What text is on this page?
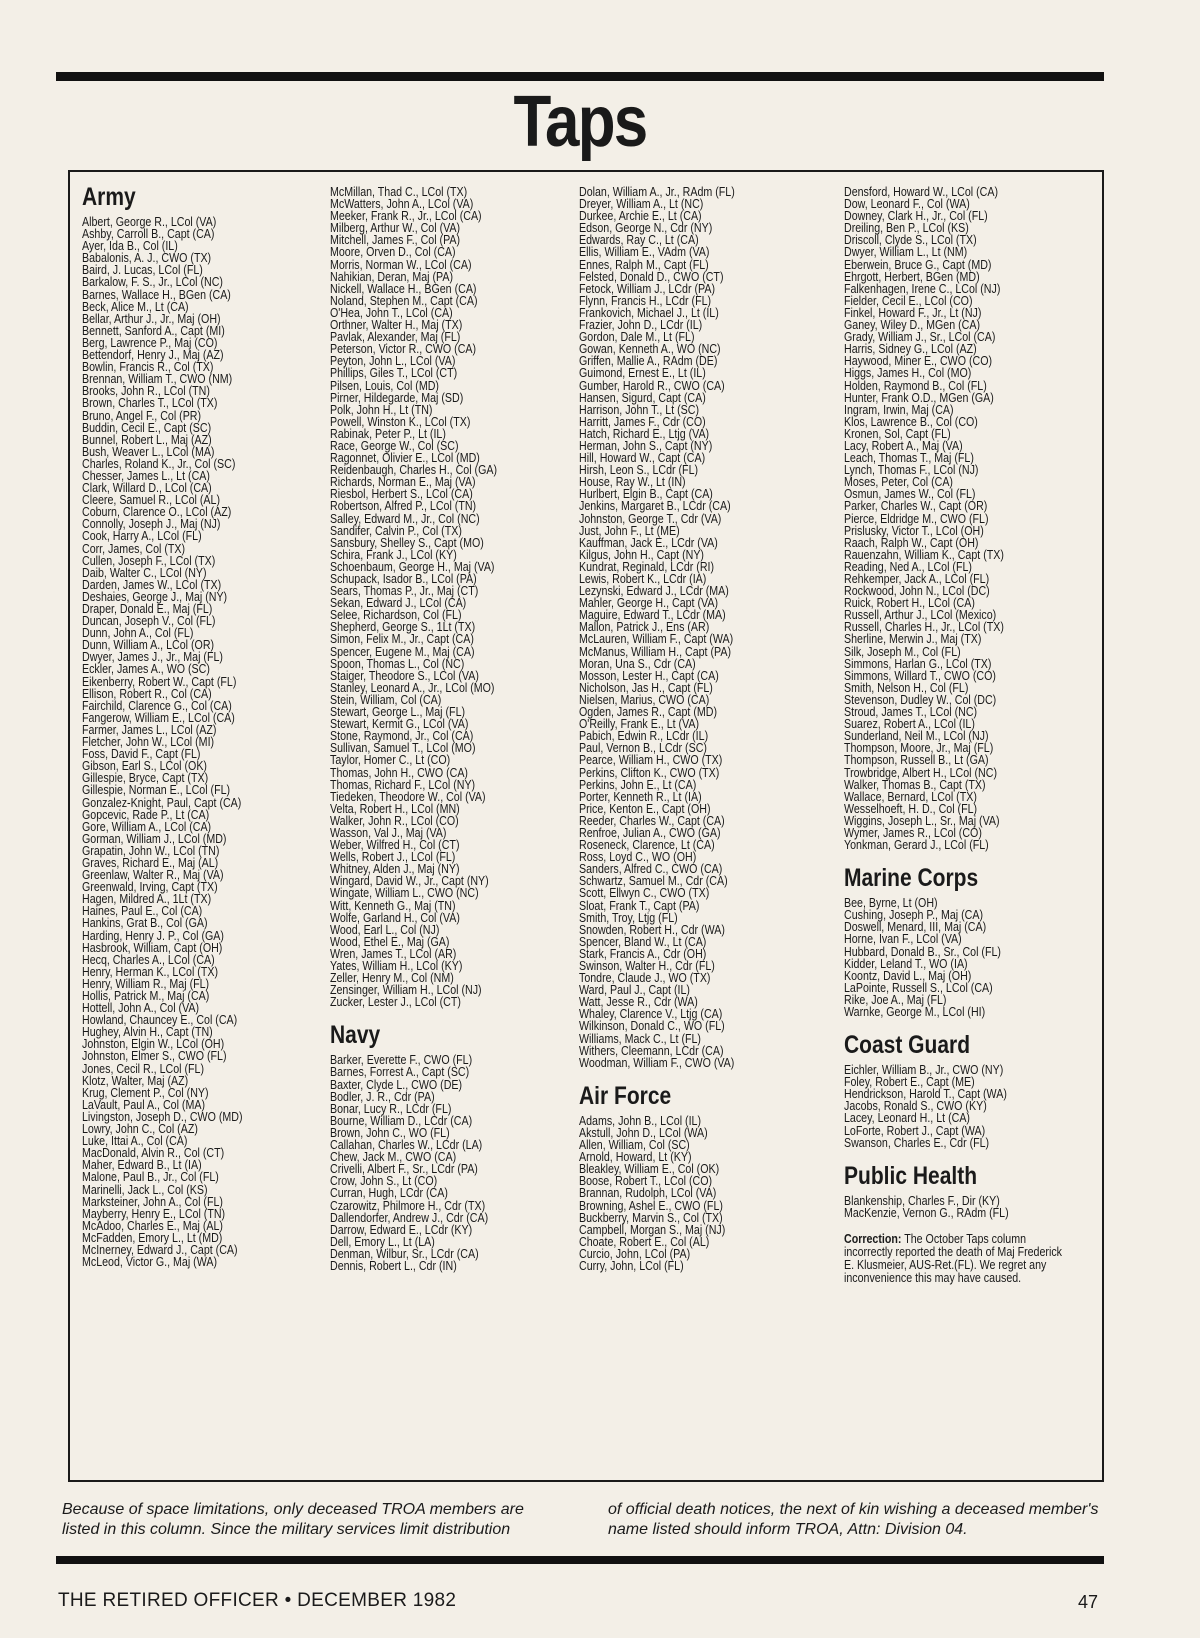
Taps
Army
Albert, George R., LCol (VA)
Ashby, Carroll B., Capt (CA)
Ayer, Ida B., Col (IL)
Babalonis, A. J., CWO (TX)
Baird, J. Lucas, LCol (FL)
Barkalow, F. S., Jr., LCol (NC)
Barnes, Wallace H., BGen (CA)
Beck, Alice M., Lt (CA)
Bellar, Arthur J., Jr., Maj (OH)
Bennett, Sanford A., Capt (MI)
Berg, Lawrence P., Maj (CO)
Bettendorf, Henry J., Maj (AZ)
Bowlin, Francis R., Col (TX)
Brennan, William T., CWO (NM)
Brooks, John R., LCol (TN)
Brown, Charles T., LCol (TX)
Bruno, Angel F., Col (PR)
Buddin, Cecil E., Capt (SC)
Bunnel, Robert L., Maj (AZ)
Bush, Weaver L., LCol (MA)
Charles, Roland K., Jr., Col (SC)
Chesser, James L., Lt (CA)
Clark, Willard D., LCol (CA)
Cleere, Samuel R., LCol (AL)
Coburn, Clarence O., LCol (AZ)
Connolly, Joseph J., Maj (NJ)
Cook, Harry A., LCol (FL)
Corr, James, Col (TX)
Cullen, Joseph F., LCol (TX)
Daib, Walter C., LCol (NY)
Darden, James W., LCol (TX)
Deshaies, George J., Maj (NY)
Draper, Donald E., Maj (FL)
Duncan, Joseph V., Col (FL)
Dunn, John A., Col (FL)
Dunn, William A., LCol (OR)
Dwyer, James J., Jr., Maj (FL)
Eckler, James A., WO (SC)
Eikenberry, Robert W., Capt (FL)
Ellison, Robert R., Col (CA)
Fairchild, Clarence G., Col (CA)
Fangerow, William E., LCol (CA)
Farmer, James L., LCol (AZ)
Fletcher, John W., LCol (MI)
Foss, David F., Capt (FL)
Gibson, Earl S., LCol (OK)
Gillespie, Bryce, Capt (TX)
Gillespie, Norman E., LCol (FL)
Gonzalez-Knight, Paul, Capt (CA)
Gopcevic, Rade P., Lt (CA)
Gore, William A., LCol (CA)
Gorman, William J., LCol (MD)
Grapatin, John W., LCol (TN)
Graves, Richard E., Maj (AL)
Greenlaw, Walter R., Maj (VA)
Greenwald, Irving, Capt (TX)
Hagen, Mildred A., 1Lt (TX)
Haines, Paul E., Col (CA)
Hankins, Grat B., Col (GA)
Harding, Henry J. P., Col (GA)
Hasbrook, William, Capt (OH)
Hecq, Charles A., LCol (CA)
Henry, Herman K., LCol (TX)
Henry, William R., Maj (FL)
Hollis, Patrick M., Maj (CA)
Hottell, John A., Col (VA)
Howland, Chauncey E., Col (CA)
Hughey, Alvin H., Capt (TN)
Johnston, Elgin W., LCol (OH)
Johnston, Elmer S., CWO (FL)
Jones, Cecil R., LCol (FL)
Klotz, Walter, Maj (AZ)
Krug, Clement P., Col (NY)
LaVault, Paul A., Col (MA)
Livingston, Joseph D., CWO (MD)
Lowry, John C., Col (AZ)
Luke, Ittai A., Col (CA)
MacDonald, Alvin R., Col (CT)
Maher, Edward B., Lt (IA)
Malone, Paul B., Jr., Col (FL)
Marinelli, Jack L., Col (KS)
Marksteiner, John A., Col (FL)
Mayberry, Henry E., LCol (TN)
McAdoo, Charles E., Maj (AL)
McFadden, Emory L., Lt (MD)
McInerney, Edward J., Capt (CA)
McLeod, Victor G., Maj (WA)
McMillan, Thad C., LCol (TX)
McWatters, John A., LCol (VA)
Meeker, Frank R., Jr., LCol (CA)
Milberg, Arthur W., Col (VA)
Mitchell, James F., Col (PA)
Moore, Orven D., Col (CA)
Morris, Norman W., LCol (CA)
Nahikian, Deran, Maj (PA)
Nickell, Wallace H., BGen (CA)
Noland, Stephen M., Capt (CA)
O'Hea, John T., LCol (CA)
Orthner, Walter H., Maj (TX)
Pavlak, Alexander, Maj (FL)
Peterson, Victor R., CWO (CA)
Peyton, John L., LCol (VA)
Phillips, Giles T., LCol (CT)
Pilsen, Louis, Col (MD)
Pirner, Hildegarde, Maj (SD)
Polk, John H., Lt (TN)
Powell, Winston K., LCol (TX)
Rabinak, Peter P., Lt (IL)
Race, George W., Col (SC)
Ragonnet, Olivier E., LCol (MD)
Reidenbaugh, Charles H., Col (GA)
Richards, Norman E., Maj (VA)
Riesbol, Herbert S., LCol (CA)
Robertson, Alfred P., LCol (TN)
Salley, Edward M., Jr., Col (NC)
Sandifer, Calvin P., Col (TX)
Sansbury, Shelley S., Capt (MO)
Schira, Frank J., LCol (KY)
Schoenbaum, George H., Maj (VA)
Schupack, Isador B., LCol (PA)
Sears, Thomas P., Jr., Maj (CT)
Sekan, Edward J., LCol (CA)
Selee, Richardson, Col (FL)
Shepherd, George S., 1Lt (TX)
Simon, Felix M., Jr., Capt (CA)
Spencer, Eugene M., Maj (CA)
Spoon, Thomas L., Col (NC)
Staiger, Theodore S., LCol (VA)
Stanley, Leonard A., Jr., LCol (MO)
Stein, William, Col (CA)
Stewart, George L., Maj (FL)
Stewart, Kermit G., LCol (VA)
Stone, Raymond, Jr., Col (CA)
Sullivan, Samuel T., LCol (MO)
Taylor, Homer C., Lt (CO)
Thomas, John H., CWO (CA)
Thomas, Richard F., LCol (NY)
Tiedeken, Theodore W., Col (VA)
Velta, Robert H., LCol (MN)
Walker, John R., LCol (CO)
Wasson, Val J., Maj (VA)
Weber, Wilfred H., Col (CT)
Wells, Robert J., LCol (FL)
Whitney, Alden J., Maj (NY)
Wingard, David W., Jr., Capt (NY)
Wingate, William L., CWO (NC)
Witt, Kenneth G., Maj (TN)
Wolfe, Garland H., Col (VA)
Wood, Earl L., Col (NJ)
Wood, Ethel E., Maj (GA)
Wren, James T., LCol (AR)
Yates, William H., LCol (KY)
Zeller, Henry M., Col (NM)
Zensinger, William H., LCol (NJ)
Zucker, Lester J., LCol (CT)
Navy
Barker, Everette F., CWO (FL)
Barnes, Forrest A., Capt (SC)
Baxter, Clyde L., CWO (DE)
Bodler, J. R., Cdr (PA)
Bonar, Lucy R., LCdr (FL)
Bourne, William D., LCdr (CA)
Brown, John C., WO (FL)
Callahan, Charles W., LCdr (LA)
Chew, Jack M., CWO (CA)
Crivelli, Albert F., Sr., LCdr (PA)
Crow, John S., Lt (CO)
Curran, Hugh, LCdr (CA)
Czarowitz, Philmore H., Cdr (TX)
Dallendorfer, Andrew J., Cdr (CA)
Darrow, Edward E., LCdr (KY)
Dell, Emory L., Lt (LA)
Denman, Wilbur, Sr., LCdr (CA)
Dennis, Robert L., Cdr (IN)
Dolan, William A., Jr., RAdm (FL)
Dreyer, William A., Lt (NC)
Durkee, Archie E., Lt (CA)
Edson, George N., Cdr (NY)
Edwards, Ray C., Lt (CA)
Ellis, William E., VAdm (VA)
Ennes, Ralph M., Capt (FL)
Felsted, Donald D., CWO (CT)
Fetock, William J., LCdr (PA)
Flynn, Francis H., LCdr (FL)
Frankovich, Michael J., Lt (IL)
Frazier, John D., LCdr (IL)
Gordon, Dale M., Lt (FL)
Gowan, Kenneth A., WO (NC)
Griffen, Mallie A., RAdm (DE)
Guimond, Ernest E., Lt (IL)
Gumber, Harold R., CWO (CA)
Hansen, Sigurd, Capt (CA)
Harrison, John T., Lt (SC)
Harritt, James F., Cdr (CO)
Hatch, Richard E., Ltjg (VA)
Herman, John S., Capt (NY)
Hill, Howard W., Capt (CA)
Hirsh, Leon S., LCdr (FL)
House, Ray W., Lt (IN)
Hurlbert, Elgin B., Capt (CA)
Jenkins, Margaret B., LCdr (CA)
Johnston, George T., Cdr (VA)
Just, John F., Lt (ME)
Kauffman, Jack E., LCdr (VA)
Kilgus, John H., Capt (NY)
Kundrat, Reginald, LCdr (RI)
Lewis, Robert K., LCdr (IA)
Lezynski, Edward J., LCdr (MA)
Mahler, George H., Capt (VA)
Maguire, Edward T., LCdr (MA)
Mallon, Patrick J., Ens (AR)
McLauren, William F., Capt (WA)
McManus, William H., Capt (PA)
Moran, Una S., Cdr (CA)
Mosson, Lester H., Capt (CA)
Nicholson, Jas H., Capt (FL)
Nielsen, Marius, CWO (CA)
Ogden, James R., Capt (MD)
O'Reilly, Frank E., Lt (VA)
Pabich, Edwin R., LCdr (IL)
Paul, Vernon B., LCdr (SC)
Pearce, William H., CWO (TX)
Perkins, Clifton K., CWO (TX)
Perkins, John E., Lt (CA)
Porter, Kenneth R., Lt (IA)
Price, Kenton E., Capt (OH)
Reeder, Charles W., Capt (CA)
Renfroe, Julian A., CWO (GA)
Roseneck, Clarence, Lt (CA)
Ross, Loyd C., WO (OH)
Sanders, Alfred C., CWO (CA)
Schwartz, Samuel M., Cdr (CA)
Scott, Ellwyn C., CWO (TX)
Sloat, Frank T., Capt (PA)
Smith, Troy, Ltjg (FL)
Snowden, Robert H., Cdr (WA)
Spencer, Bland W., Lt (CA)
Stark, Francis A., Cdr (OH)
Swinson, Walter H., Cdr (FL)
Tondre, Claude J., WO (TX)
Ward, Paul J., Capt (IL)
Watt, Jesse R., Cdr (WA)
Whaley, Clarence V., Ltjg (CA)
Wilkinson, Donald C., WO (FL)
Williams, Mack C., Lt (FL)
Withers, Cleemann, LCdr (CA)
Woodman, William F., CWO (VA)
Air Force
Adams, John B., LCol (IL)
Akstull, John D., LCol (WA)
Allen, William, Col (SC)
Arnold, Howard, Lt (KY)
Bleakley, William E., Col (OK)
Boose, Robert T., LCol (CO)
Brannan, Rudolph, LCol (VA)
Browning, Ashel E., CWO (FL)
Buckberry, Marvin S., Col (TX)
Campbell, Morgan S., Maj (NJ)
Choate, Robert E., Col (AL)
Curcio, John, LCol (PA)
Curry, John, LCol (FL)
Densford, Howard W., LCol (CA)
Dow, Leonard F., Col (WA)
Downey, Clark H., Jr., Col (FL)
Dreiling, Ben P., LCol (KS)
Driscoll, Clyde S., LCol (TX)
Dwyer, William L., Lt (NM)
Eberwein, Bruce G., Capt (MD)
Ehrgott, Herbert, BGen (MD)
Falkenhagen, Irene C., LCol (NJ)
Fielder, Cecil E., LCol (CO)
Finkel, Howard F., Jr., Lt (NJ)
Ganey, Wiley D., MGen (CA)
Grady, William J., Sr., LCol (CA)
Harris, Sidney G., LCol (AZ)
Haywood, Miner E., CWO (CO)
Higgs, James H., Col (MO)
Holden, Raymond B., Col (FL)
Hunter, Frank O.D., MGen (GA)
Ingram, Irwin, Maj (CA)
Klos, Lawrence B., Col (CO)
Kronen, Sol, Capt (FL)
Lacy, Robert A., Maj (VA)
Leach, Thomas T., Maj (FL)
Lynch, Thomas F., LCol (NJ)
Moses, Peter, Col (CA)
Osmun, James W., Col (FL)
Parker, Charles W., Capt (OR)
Pierce, Eldridge M., CWO (FL)
Prislusky, Victor T., LCol (OH)
Raach, Ralph W., Capt (OH)
Rauenzahn, William K., Capt (TX)
Reading, Ned A., LCol (FL)
Rehkemper, Jack A., LCol (FL)
Rockwood, John N., LCol (DC)
Ruick, Robert H., LCol (CA)
Russell, Arthur J., LCol (Mexico)
Russell, Charles H., Jr., LCol (TX)
Sherline, Merwin J., Maj (TX)
Silk, Joseph M., Col (FL)
Simmons, Harlan G., LCol (TX)
Simmons, Willard T., CWO (CO)
Smith, Nelson H., Col (FL)
Stevenson, Dudley W., Col (DC)
Stroud, James T., LCol (NC)
Suarez, Robert A., LCol (IL)
Sunderland, Neil M., LCol (NJ)
Thompson, Moore, Jr., Maj (FL)
Thompson, Russell B., Lt (GA)
Trowbridge, Albert H., LCol (NC)
Walker, Thomas B., Capt (TX)
Wallace, Bernard, LCol (TX)
Wesselhoeft, H. D., Col (FL)
Wiggins, Joseph L., Sr., Maj (VA)
Wymer, James R., LCol (CO)
Yonkman, Gerard J., LCol (FL)
Marine Corps
Bee, Byrne, Lt (OH)
Cushing, Joseph P., Maj (CA)
Doswell, Menard, III, Maj (CA)
Horne, Ivan F., LCol (VA)
Hubbard, Donald B., Sr., Col (FL)
Kidder, Leland T., WO (IA)
Koontz, David L., Maj (OH)
LaPointe, Russell S., LCol (CA)
Rike, Joe A., Maj (FL)
Warnke, George M., LCol (HI)
Coast Guard
Eichler, William B., Jr., CWO (NY)
Foley, Robert E., Capt (ME)
Hendrickson, Harold T., Capt (WA)
Jacobs, Ronald S., CWO (KY)
Lacey, Leonard H., Lt (CA)
LoForte, Robert J., Capt (WA)
Swanson, Charles E., Cdr (FL)
Public Health
Blankenship, Charles F., Dir (KY)
MacKenzie, Vernon G., RAdm (FL)
Correction: The October Taps column incorrectly reported the death of Maj Frederick E. Klusmeier, AUS-Ret.(FL). We regret any inconvenience this may have caused.
Because of space limitations, only deceased TROA members are listed in this column. Since the military services limit distribution
of official death notices, the next of kin wishing a deceased member's name listed should inform TROA, Attn: Division 04.
THE RETIRED OFFICER • DECEMBER 1982	47
